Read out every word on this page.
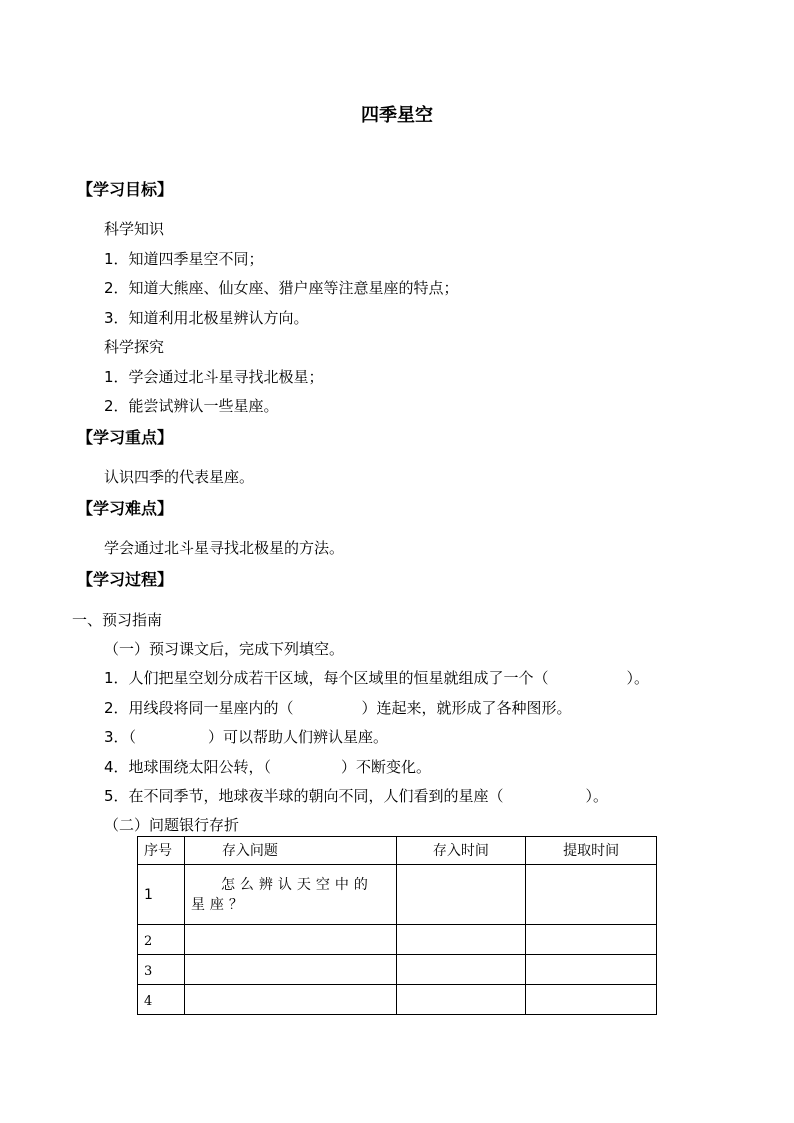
四季星空
【学习目标】
科学知识
1．知道四季星空不同；
2．知道大熊座、仙女座、猎户座等注意星座的特点；
3．知道利用北极星辨认方向。
科学探究
1．学会通过北斗星寻找北极星；
2．能尝试辨认一些星座。
【学习重点】
认识四季的代表星座。
【学习难点】
学会通过北斗星寻找北极星的方法。
【学习过程】
一、预习指南
（一）预习课文后，完成下列填空。
1．人们把星空划分成若干区域，每个区域里的恒星就组成了一个（	）。
2．用线段将同一星座内的（	）连起来，就形成了各种图形。
3．（	）可以帮助人们辨认星座。
4．地球围绕太阳公转，（	）不断变化。
5．在不同季节，地球夜半球的朝向不同，人们看到的星座（	）。
（二）问题银行存折
序号	存入问题	存入时间	提取时间
1	怎么辨认天空中的星座？		

2			
3			
4			
